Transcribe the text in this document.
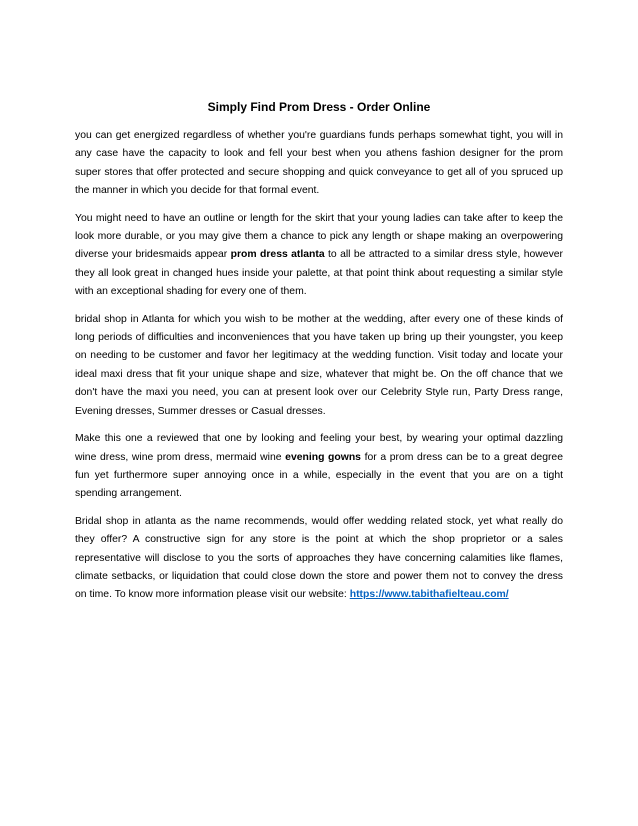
Simply Find Prom Dress - Order Online

you can get energized regardless of whether you're guardians funds perhaps somewhat tight, you will in any case have the capacity to look and fell your best when you athens fashion designer for the prom super stores that offer protected and secure shopping and quick conveyance to get all of you spruced up the manner in which you decide for that formal event.

You might need to have an outline or length for the skirt that your young ladies can take after to keep the look more durable, or you may give them a chance to pick any length or shape making an overpowering diverse your bridesmaids appear prom dress atlanta to all be attracted to a similar dress style, however they all look great in changed hues inside your palette, at that point think about requesting a similar style with an exceptional shading for every one of them.

bridal shop in Atlanta for which you wish to be mother at the wedding, after every one of these kinds of long periods of difficulties and inconveniences that you have taken up bring up their youngster, you keep on needing to be customer and favor her legitimacy at the wedding function. Visit today and locate your ideal maxi dress that fit your unique shape and size, whatever that might be. On the off chance that we don't have the maxi you need, you can at present look over our Celebrity Style run, Party Dress range, Evening dresses, Summer dresses or Casual dresses.

Make this one a reviewed that one by looking and feeling your best, by wearing your optimal dazzling wine dress, wine prom dress, mermaid wine evening gowns for a prom dress can be to a great degree fun yet furthermore super annoying once in a while, especially in the event that you are on a tight spending arrangement.

Bridal shop in atlanta as the name recommends, would offer wedding related stock, yet what really do they offer? A constructive sign for any store is the point at which the shop proprietor or a sales representative will disclose to you the sorts of approaches they have concerning calamities like flames, climate setbacks, or liquidation that could close down the store and power them not to convey the dress on time. To know more information please visit our website: https://www.tabithafielteau.com/
